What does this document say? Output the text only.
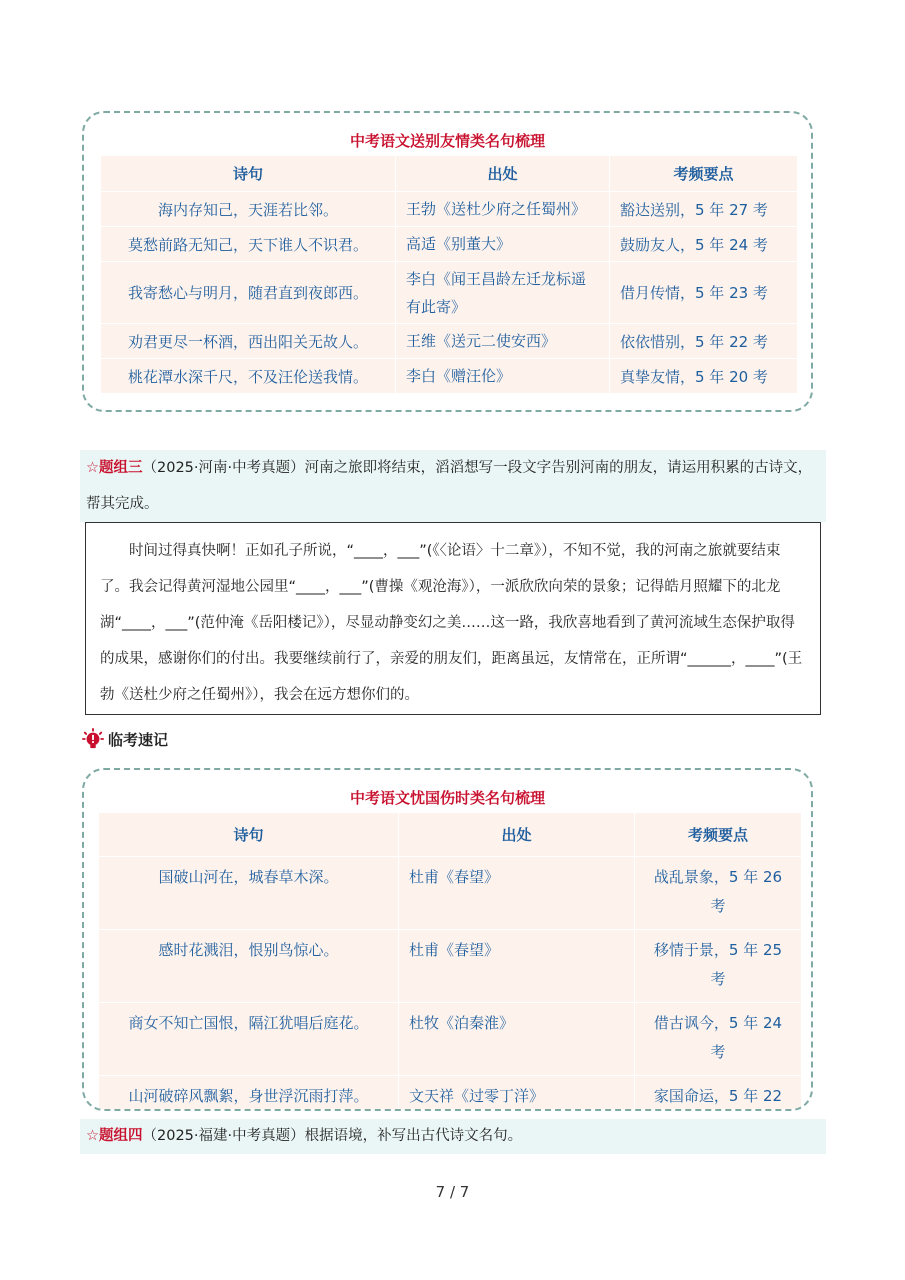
中考语文送别友情类名句梳理
诗句	出处	考频要点
海内存知己，天涯若比邻。	王勃《送杜少府之任蜀州》	豁达送别，5 年 27 考
莫愁前路无知己，天下谁人不识君。	高适《别董大》	鼓励友人，5 年 24 考
我寄愁心与明月，随君直到夜郎西。	李白《闻王昌龄左迁龙标遥有此寄》	借月传情，5 年 23 考
劝君更尽一杯酒，西出阳关无故人。	王维《送元二使安西》	依依惜别，5 年 22 考
桃花潭水深千尺，不及汪伦送我情。	李白《赠汪伦》	真挚友情，5 年 20 考
☆题组三（2025·河南·中考真题）河南之旅即将结束，滔滔想写一段文字告别河南的朋友，请运用积累的古诗文，帮其完成。
时间过得真快啊！正如孔子所说，“____，___”(《〈论语〉十二章》），不知不觉，我的河南之旅就要结束了。我会记得黄河湿地公园里“____，___”(曹操《观沧海》），一派欣欣向荣的景象；记得皓月照耀下的北龙湖“____，___”(范仲淹《岳阳楼记》），尽显动静变幻之美……这一路，我欣喜地看到了黄河流域生态保护取得的成果，感谢你们的付出。我要继续前行了，亲爱的朋友们，距离虽远，友情常在，正所谓“______，____”(王勃《送杜少府之任蜀州》），我会在远方想你们的。
临考速记
中考语文忧国伤时类名句梳理
诗句	出处	考频要点
国破山河在，城春草木深。	杜甫《春望》	战乱景象，5 年 26 考
感时花溅泪，恨别鸟惊心。	杜甫《春望》	移情于景，5 年 25 考
商女不知亡国恨，隔江犹唱后庭花。	杜牧《泊秦淮》	借古讽今，5 年 24 考
山河破碎风飘絮，身世浮沉雨打萍。	文天祥《过零丁洋》	家国命运，5 年 22
☆题组四（2025·福建·中考真题）根据语境，补写出古代诗文名句。
7 / 7
